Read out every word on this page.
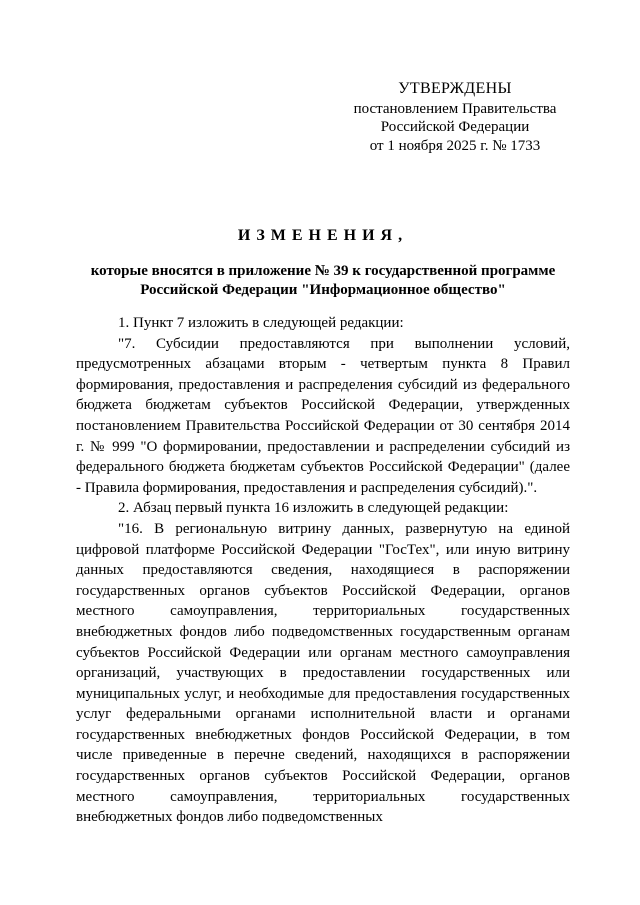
УТВЕРЖДЕНЫ
постановлением Правительства
Российской Федерации
от 1 ноября 2025 г. № 1733
ИЗМЕНЕНИЯ,
которые вносятся в приложение № 39 к государственной программе
Российской Федерации "Информационное общество"

1. Пункт 7 изложить в следующей редакции:

"7. Субсидии предоставляются при выполнении условий, предусмотренных абзацами вторым - четвертым пункта 8 Правил формирования, предоставления и распределения субсидий из федерального бюджета бюджетам субъектов Российской Федерации, утвержденных постановлением Правительства Российской Федерации от 30 сентября 2014 г. № 999 "О формировании, предоставлении и распределении субсидий из федерального бюджета бюджетам субъектов Российской Федерации" (далее - Правила формирования, предоставления и распределения субсидий).".

2. Абзац первый пункта 16 изложить в следующей редакции:

"16. В региональную витрину данных, развернутую на единой цифровой платформе Российской Федерации "ГосТех", или иную витрину данных предоставляются сведения, находящиеся в распоряжении государственных органов субъектов Российской Федерации, органов местного самоуправления, территориальных государственных внебюджетных фондов либо подведомственных государственным органам субъектов Российской Федерации или органам местного самоуправления организаций, участвующих в предоставлении государственных или муниципальных услуг, и необходимые для предоставления государственных услуг федеральными органами исполнительной власти и органами государственных внебюджетных фондов Российской Федерации, в том числе приведенные в перечне сведений, находящихся в распоряжении государственных органов субъектов Российской Федерации, органов местного самоуправления, территориальных государственных внебюджетных фондов либо подведомственных
